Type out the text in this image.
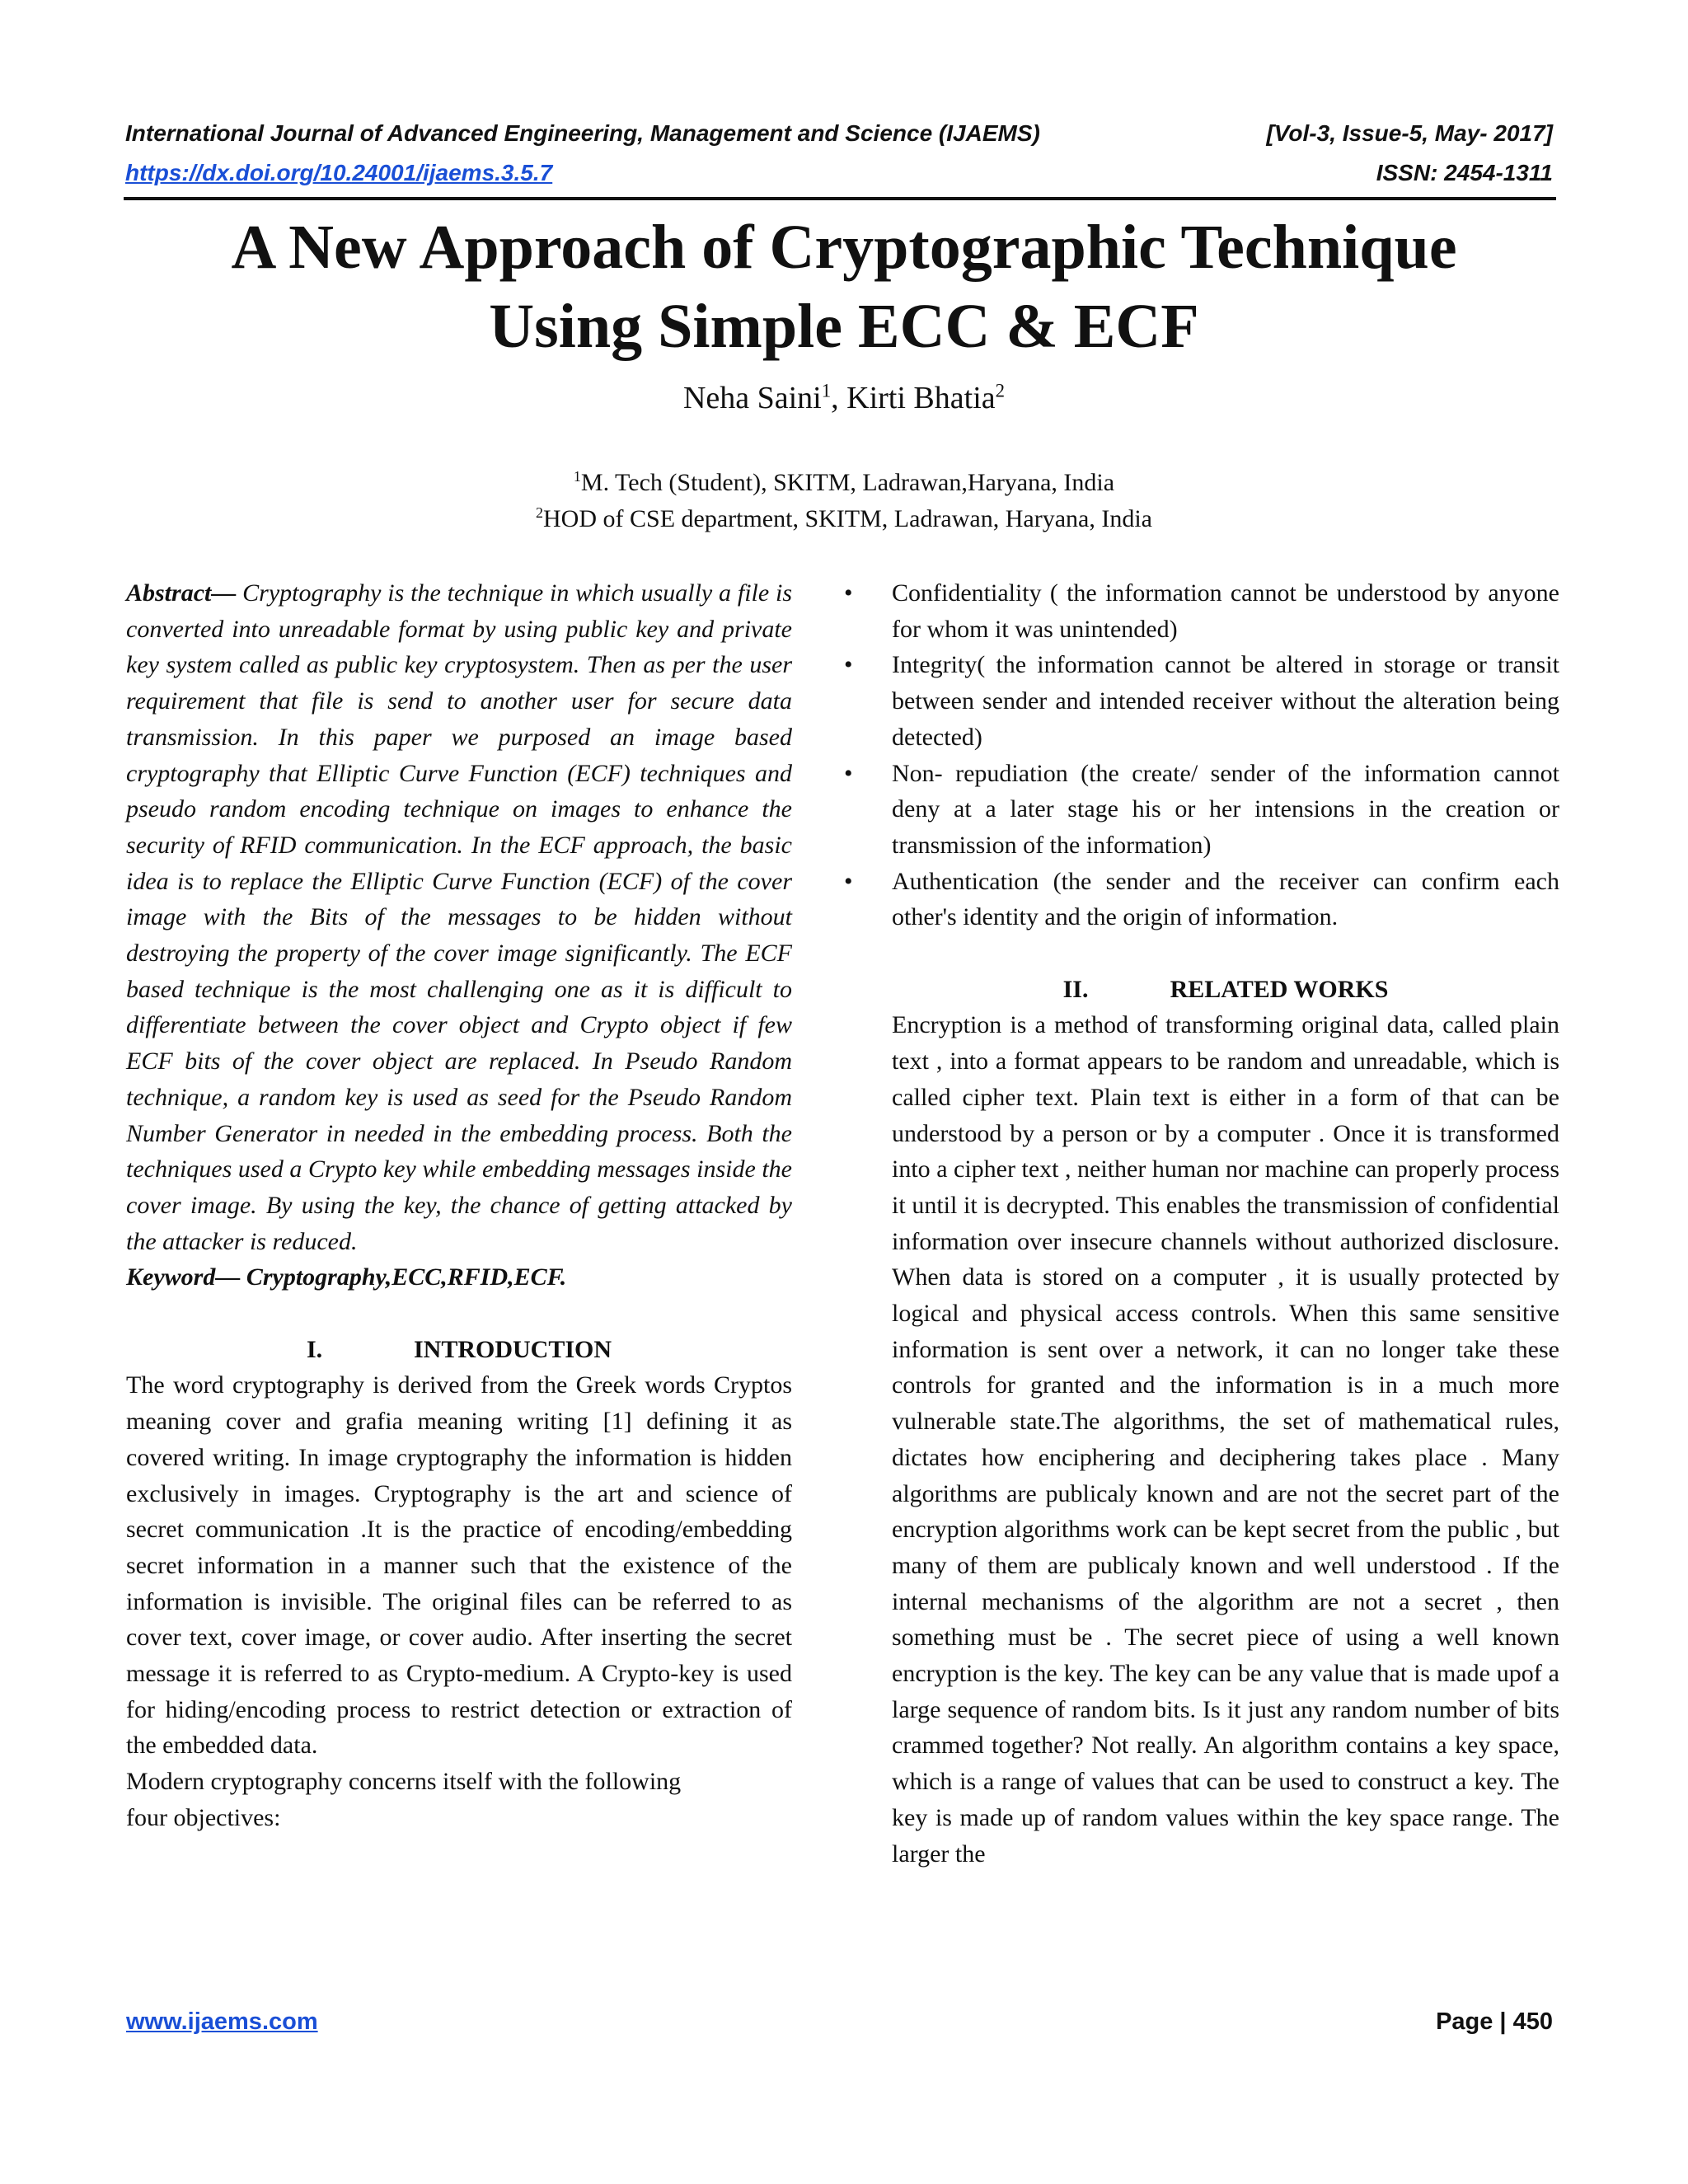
International Journal of Advanced Engineering, Management and Science (IJAEMS)	[Vol-3, Issue-5, May- 2017]
https://dx.doi.org/10.24001/ijaems.3.5.7	ISSN: 2454-1311
A New Approach of Cryptographic Technique
Using Simple ECC & ECF
Neha Saini$^1$, Kirti Bhatia$^2$
$^1$M. Tech (Student), SKITM, Ladrawan,Haryana, India
$^2$HOD of CSE department, SKITM, Ladrawan, Haryana, India

Abstract— Cryptography is the technique in which usually a file is converted into unreadable format by using public key and private key system called as public key cryptosystem. Then as per the user requirement that file is send to another user for secure data transmission. In this paper we purposed an image based cryptography that Elliptic Curve Function (ECF) techniques and pseudo random encoding technique on images to enhance the security of RFID communication. In the ECF approach, the basic idea is to replace the Elliptic Curve Function (ECF) of the cover image with the Bits of the messages to be hidden without destroying the property of the cover image significantly. The ECF based technique is the most challenging one as it is difficult to differentiate between the cover object and Crypto object if few ECF bits of the cover object are replaced. In Pseudo Random technique, a random key is used as seed for the Pseudo Random Number Generator in needed in the embedding process. Both the techniques used a Crypto key while embedding messages inside the cover image. By using the key, the chance of getting attacked by the attacker is reduced.

Keyword— Cryptography,ECC,RFID,ECF.

I.	INTRODUCTION

The word cryptography is derived from the Greek words Cryptos meaning cover and grafia meaning writing [1] defining it as covered writing. In image cryptography the information is hidden exclusively in images. Cryptography is the art and science of secret communication .It is the practice of encoding/embedding secret information in a manner such that the existence of the information is invisible. The original files can be referred to as cover text, cover image, or cover audio. After inserting the secret message it is referred to as Crypto-medium. A Crypto-key is used for hiding/encoding process to restrict detection or extraction of the embedded data.

Modern cryptography concerns itself with the following
four objectives:

• Confidentiality ( the information cannot be understood by anyone for whom it was unintended)
• Integrity( the information cannot be altered in storage or transit between sender and intended receiver without the alteration being detected)
• Non- repudiation (the create/ sender of the information cannot deny at a later stage his or her intensions in the creation or transmission of the information)
• Authentication (the sender and the receiver can confirm each other's identity and the origin of information.

II.	RELATED WORKS

Encryption is a method of transforming original data, called plain text , into a format appears to be random and unreadable, which is called cipher text. Plain text is either in a form of that can be understood by a person or by a computer . Once it is transformed into a cipher text , neither human nor machine can properly process it until it is decrypted. This enables the transmission of confidential information over insecure channels without authorized disclosure. When data is stored on a computer , it is usually protected by logical and physical access controls. When this same sensitive information is sent over a network, it can no longer take these controls for granted and the information is in a much more vulnerable state.The algorithms, the set of mathematical rules, dictates how enciphering and deciphering takes place . Many algorithms are publicaly known and are not the secret part of the encryption algorithms work can be kept secret from the public , but many of them are publicaly known and well understood . If the internal mechanisms of the algorithm are not a secret , then something must be . The secret piece of using a well known encryption is the key. The key can be any value that is made upof a large sequence of random bits. Is it just any random number of bits crammed together? Not really. An algorithm contains a key space, which is a range of values that can be used to construct a key. The key is made up of random values within the key space range. The larger the

www.ijaems.com	Page | 450
